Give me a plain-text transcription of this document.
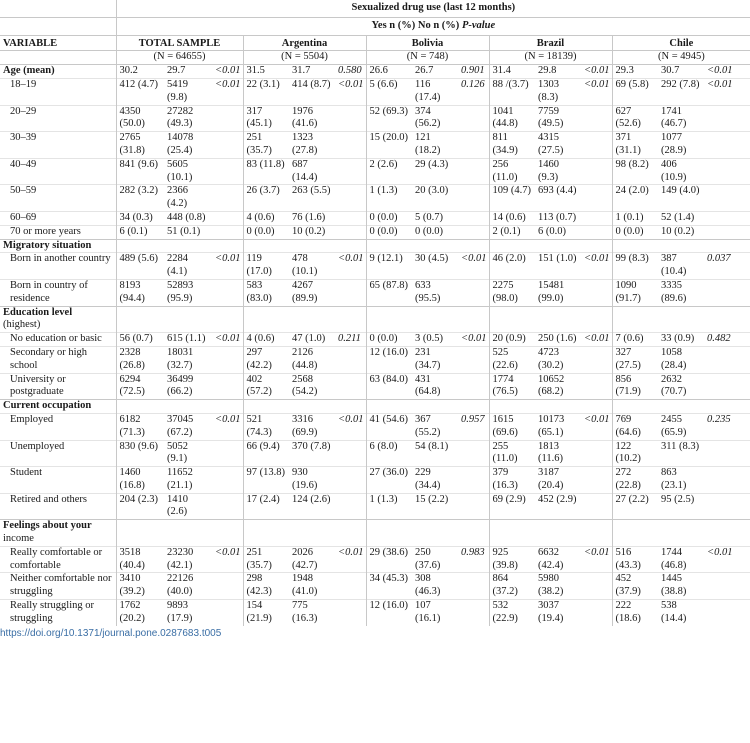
	Sexualized drug use (last 12 months)														
	Yes n (%) No n (%) P-value														
VARIABLE	TOTAL SAMPLE			Argentina			Bolivia			Brazil			Chile		
	(N = 64655)			(N = 5504)			(N = 748)			(N = 18139)			(N = 4945)		
Age (mean)	30.2	29.7	<0.01	31.5	31.7	0.580	26.6	26.7	0.901	31.4	29.8	<0.01	29.3	30.7	<0.01
18–19	412 (4.7)	5419 (9.8)	<0.01	22 (3.1)	414 (8.7)	<0.01	5 (6.6)	116 (17.4)	0.126	88 /(3.7)	1303 (8.3)	<0.01	69 (5.8)	292 (7.8)	<0.01
20–29	4350 (50.0)	27282 (49.3)		317 (45.1)	1976 (41.6)		52 (69.3)	374 (56.2)		1041 (44.8)	7759 (49.5)		627 (52.6)	1741 (46.7)	
30–39	2765 (31.8)	14078 (25.4)		251 (35.7)	1323 (27.8)		15 (20.0)	121 (18.2)		811 (34.9)	4315 (27.5)		371 (31.1)	1077 (28.9)	
40–49	841 (9.6)	5605 (10.1)		83 (11.8)	687 (14.4)		2 (2.6)	29 (4.3)		256 (11.0)	1460 (9.3)		98 (8.2)	406 (10.9)	
50–59	282 (3.2)	2366 (4.2)		26 (3.7)	263 (5.5)		1 (1.3)	20 (3.0)		109 (4.7)	693 (4.4)		24 (2.0)	149 (4.0)	
60–69	34 (0.3)	448 (0.8)		4 (0.6)	76 (1.6)		0 (0.0)	5 (0.7)		14 (0.6)	113 (0.7)		1 (0.1)	52 (1.4)	
70 or more years	6 (0.1)	51 (0.1)		0 (0.0)	10 (0.2)		0 (0.0)	0 (0.0)		2 (0.1)	6 (0.0)		0 (0.0)	10 (0.2)	
Migratory situation															
Born in another country	489 (5.6)	2284 (4.1)	<0.01	119 (17.0)	478 (10.1)	<0.01	9 (12.1)	30 (4.5)	<0.01	46 (2.0)	151 (1.0)	<0.01	99 (8.3)	387 (10.4)	0.037
Born in country of residence	8193 (94.4)	52893 (95.9)		583 (83.0)	4267 (89.9)		65 (87.8)	633 (95.5)		2275 (98.0)	15481 (99.0)		1090 (91.7)	3335 (89.6)	
Education level
(highest)															
No education or basic	56 (0.7)	615 (1.1)	<0.01	4 (0.6)	47 (1.0)	0.211	0 (0.0)	3 (0.5)	<0.01	20 (0.9)	250 (1.6)	<0.01	7 (0.6)	33 (0.9)	0.482
Secondary or high school	2328 (26.8)	18031 (32.7)		297 (42.2)	2126 (44.8)		12 (16.0)	231 (34.7)		525 (22.6)	4723 (30.2)		327 (27.5)	1058 (28.4)	
University or postgraduate	6294 (72.5)	36499 (66.2)		402 (57.2)	2568 (54.2)		63 (84.0)	431 (64.8)		1774 (76.5)	10652 (68.2)		856 (71.9)	2632 (70.7)	
Current occupation															
Employed	6182 (71.3)	37045 (67.2)	<0.01	521 (74.3)	3316 (69.9)	<0.01	41 (54.6)	367 (55.2)	0.957	1615 (69.6)	10173 (65.1)	<0.01	769 (64.6)	2455 (65.9)	0.235
Unemployed	830 (9.6)	5052 (9.1)		66 (9.4)	370 (7.8)		6 (8.0)	54 (8.1)		255 (11.0)	1813 (11.6)		122 (10.2)	311 (8.3)	
Student	1460 (16.8)	11652 (21.1)		97 (13.8)	930 (19.6)		27 (36.0)	229 (34.4)		379 (16.3)	3187 (20.4)		272 (22.8)	863 (23.1)	
Retired and others	204 (2.3)	1410 (2.6)		17 (2.4)	124 (2.6)		1 (1.3)	15 (2.2)		69 (2.9)	452 (2.9)		27 (2.2)	95 (2.5)	
Feelings about your
income															
Really comfortable or comfortable	3518 (40.4)	23230 (42.1)	<0.01	251 (35.7)	2026 (42.7)	<0.01	29 (38.6)	250 (37.6)	0.983	925 (39.8)	6632 (42.4)	<0.01	516 (43.3)	1744 (46.8)	<0.01
Neither comfortable nor struggling	3410 (39.2)	22126 (40.0)		298 (42.3)	1948 (41.0)		34 (45.3)	308 (46.3)		864 (37.2)	5980 (38.2)		452 (37.9)	1445 (38.8)	
Really struggling or struggling	1762 (20.2)	9893 (17.9)		154 (21.9)	775 (16.3)		12 (16.0)	107 (16.1)		532 (22.9)	3037 (19.4)		222 (18.6)	538 (14.4)	
https://doi.org/10.1371/journal.pone.0287683.t005
